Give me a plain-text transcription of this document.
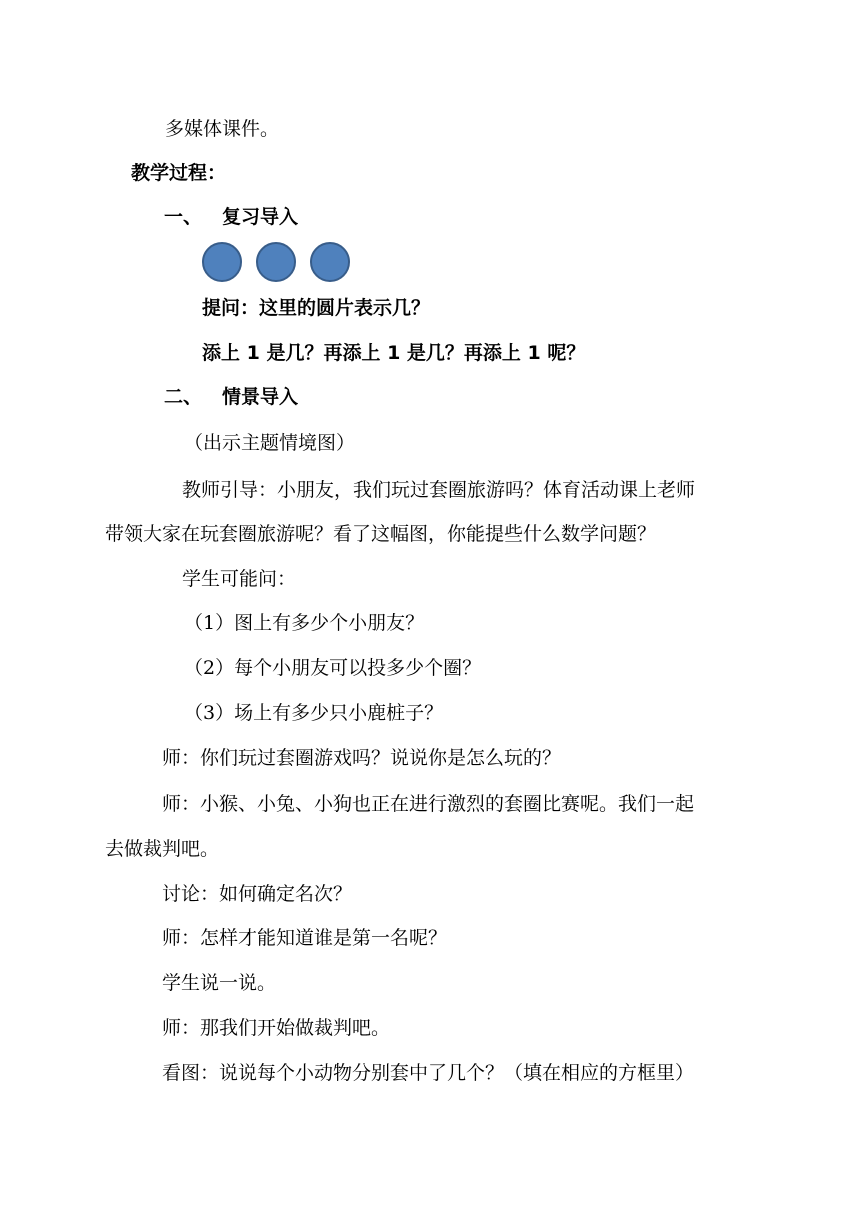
多媒体课件。
教学过程：
一、 复习导入
提问：这里的圆片表示几？
添上 1 是几？再添上 1 是几？再添上 1 呢？
二、 情景导入
（出示主题情境图）
教师引导：小朋友，我们玩过套圈旅游吗？体育活动课上老师
带领大家在玩套圈旅游呢？看了这幅图，你能提些什么数学问题？
学生可能问：
（1）图上有多少个小朋友？
（2）每个小朋友可以投多少个圈？
（3）场上有多少只小鹿桩子？
师：你们玩过套圈游戏吗？说说你是怎么玩的？
师：小猴、小兔、小狗也正在进行激烈的套圈比赛呢。我们一起
去做裁判吧。
讨论：如何确定名次？
师：怎样才能知道谁是第一名呢？
学生说一说。
师：那我们开始做裁判吧。
看图：说说每个小动物分别套中了几个？（填在相应的方框里）
